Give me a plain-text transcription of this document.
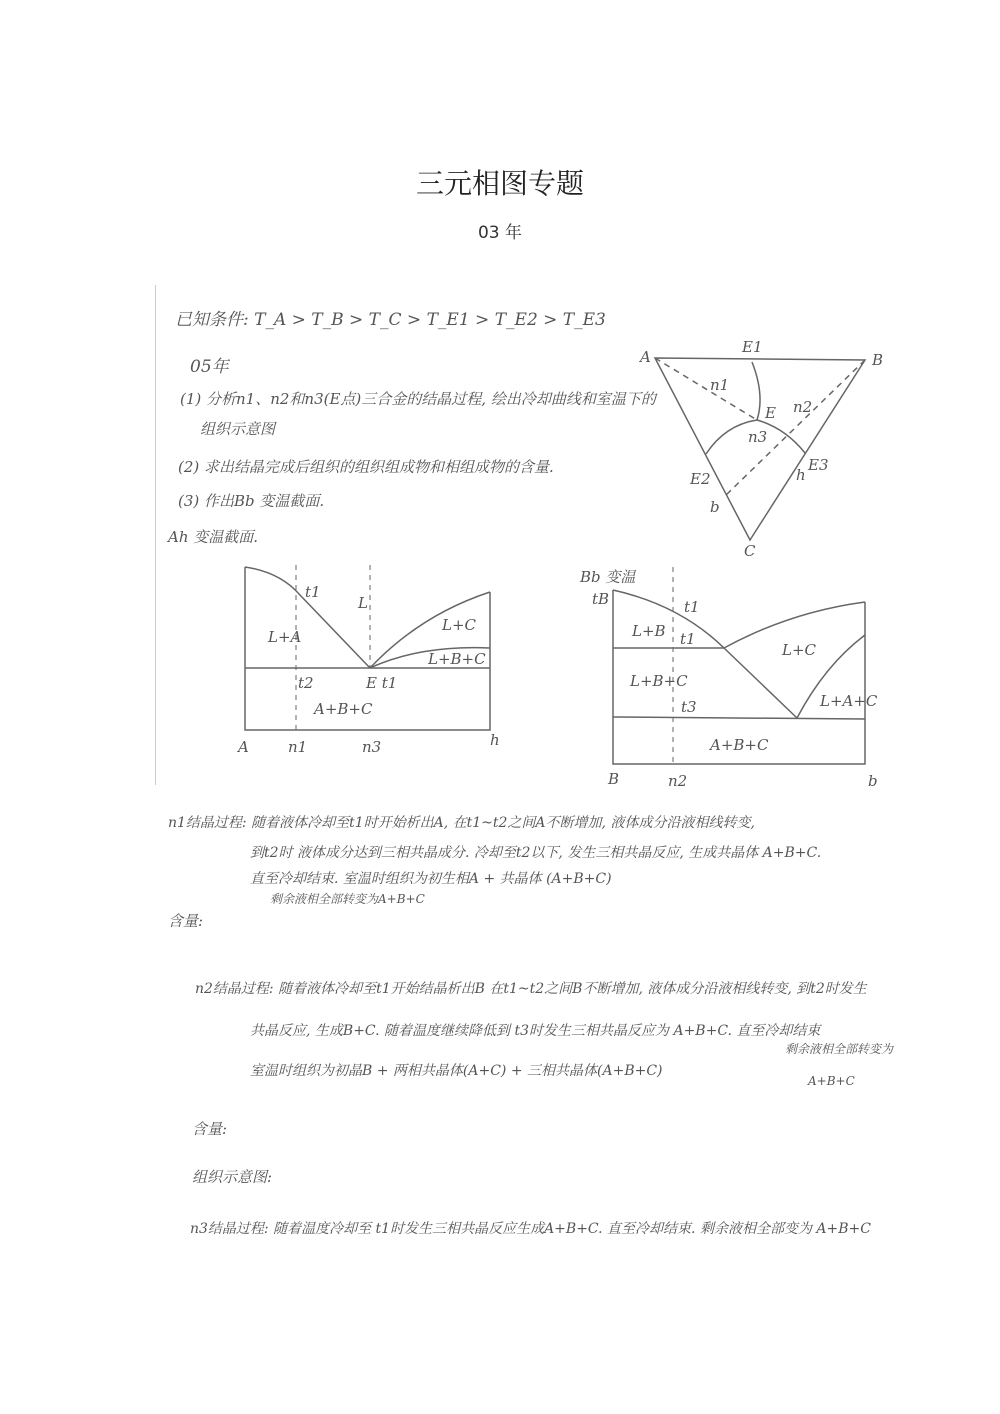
三元相图专题
03 年
已知条件: T_A > T_B > T_C > T_E1 > T_E2 > T_E3
05年
(1) 分析n1、n2和n3(E点)三合金的结晶过程, 绘出冷却曲线和室温下的
组织示意图
(2) 求出结晶完成后组织的组织组成物和相组成物的含量.
(3) 作出Bb 变温截面.
Ah 变温截面.
A	B
C
E1
E
E2
E3
n1
n2
n3
b
h
t1
L
L+A
L+C
L+B+C
t2	E t1
A+B+C
A	n1	n3	h
Bb 变温
tB	t1
L+B t1
L+C
L+B+C
t3	L+A+C
A+B+C
B	n2	b
n1结晶过程: 随着液体冷却至t1时开始析出A, 在t1~t2之间A不断增加, 液体成分沿液相线转变,
到t2时 液体成分达到三相共晶成分. 冷却至t2以下, 发生三相共晶反应, 生成共晶体 A+B+C.
直至冷却结束. 室温时组织为初生相A + 共晶体 (A+B+C)
剩余液相全部转变为A+B+C
含量:
n2结晶过程: 随着液体冷却至t1开始结晶析出B 在t1~t2之间B不断增加, 液体成分沿液相线转变, 到t2时发生
共晶反应, 生成B+C. 随着温度继续降低到 t3时发生三相共晶反应为 A+B+C. 直至冷却结束
剩余液相全部转变为
A+B+C
室温时组织为初晶B + 两相共晶体(A+C) + 三相共晶体(A+B+C)
含量:
组织示意图:
n3结晶过程: 随着温度冷却至 t1时发生三相共晶反应生成A+B+C. 直至冷却结束. 剩余液相全部变为 A+B+C
